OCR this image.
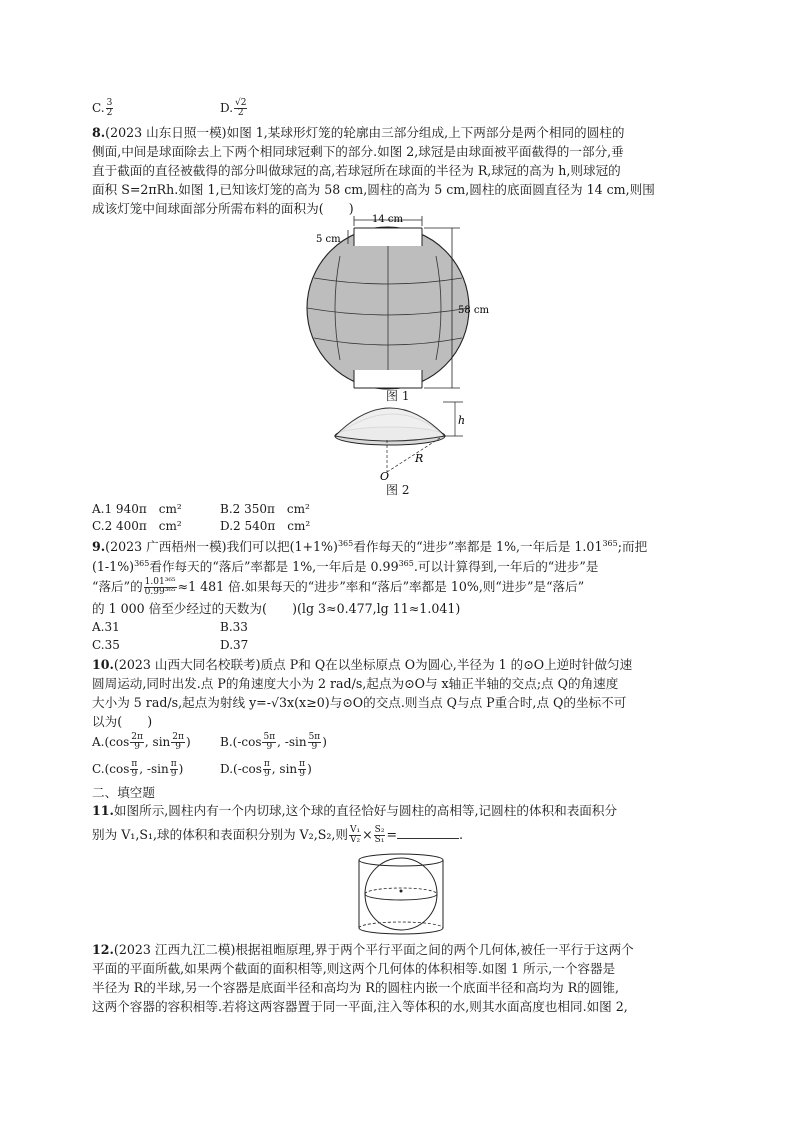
C. $\frac{3}{2}$	D. $\frac{√2}{2}$
8.(2023 山东日照一模)如图 1,某球形灯笼的轮廓由三部分组成,上下两部分是两个相同的圆柱的
侧面,中间是球面除去上下两个相同球冠剩下的部分.如图 2,球冠是由球面被平面截得的一部分,垂
直于截面的直径被截得的部分叫做球冠的高,若球冠所在球面的半径为 R,球冠的高为 h,则球冠的
面积 S=2πRh.如图 1,已知该灯笼的高为 58 cm,圆柱的高为 5 cm,圆柱的底面圆直径为 14 cm,则围
成该灯笼中间球面部分所需布料的面积为(　　)
14 cm
5 cm
58 cm
图 1
h
R
O
图 2
A.1 940π　cm²	B.2 350π　cm²
C.2 400π　cm²	D.2 540π　cm²
9.(2023 广西梧州一模)我们可以把$(1+1\%)^{365}$看作每天的“进步”率都是 1%,一年后是 1.01$^{365}$;而把
$(1-1\%)^{365}$看作每天的“落后”率都是 1%,一年后是 0.99$^{365}$.可以计算得到,一年后的“进步”是
“落后”的 $\frac{\text{1.01³⁶⁵}}{\text{0.99³⁶⁵}} \approx 1$ 481 倍.如果每天的“进步”率和“落后”率都是 10%,则“进步”是“落后”
的 1 000 倍至少经过的天数为(　　)(lg 3≈0.477,lg 11≈1.041)
A.31	B.33
C.35	D.37
10.(2023 山西大同名校联考)质点 P和 Q在以坐标原点 O为圆心,半径为 1 的⊙O上逆时针做匀速
圆周运动,同时出发.点 P的角速度大小为 2 rad/s,起点为⊙O与 x轴正半轴的交点;点 Q的角速度
大小为 5 rad/s,起点为射线 y=-√3x(x≥0)与⊙O的交点.则当点 Q与点 P重合时,点 Q的坐标不可
以为(　　)
$A.(\cos \frac{2\pi}{9}$ , $\sin \frac{2\pi}{9}$ ) $B.(-\cos \frac{5\pi}{9}$ , $-\sin \frac{5\pi}{9}$ )
$C.(\cos \frac{\pi}{9}$ , $-\sin \frac{\pi}{9}$ )	$D.(-\cos \frac{\pi}{9}$ , $\sin \frac{\pi}{9}$ )
二、填空题
11.如图所示,圆柱内有一个内切球,这个球的直径恰好与圆柱的高相等,记圆柱的体积和表面积分
别为 V₁,S₁,球的体积和表面积分别为 V₂,S₂,则 $\frac{\text{V₁}}{\text{V₂}} \times \frac{\text{S₂}}{\text{S₁}}$ =	.
12.(2023 江西九江二模)根据祖暅原理,界于两个平行平面之间的两个几何体,被任一平行于这两个
平面的平面所截,如果两个截面的面积相等,则这两个几何体的体积相等.如图 1 所示,一个容器是
半径为 R的半球,另一个容器是底面半径和高均为 R的圆柱内嵌一个底面半径和高均为 R的圆锥,
这两个容器的容积相等.若将这两容器置于同一平面,注入等体积的水,则其水面高度也相同.如图 2,
